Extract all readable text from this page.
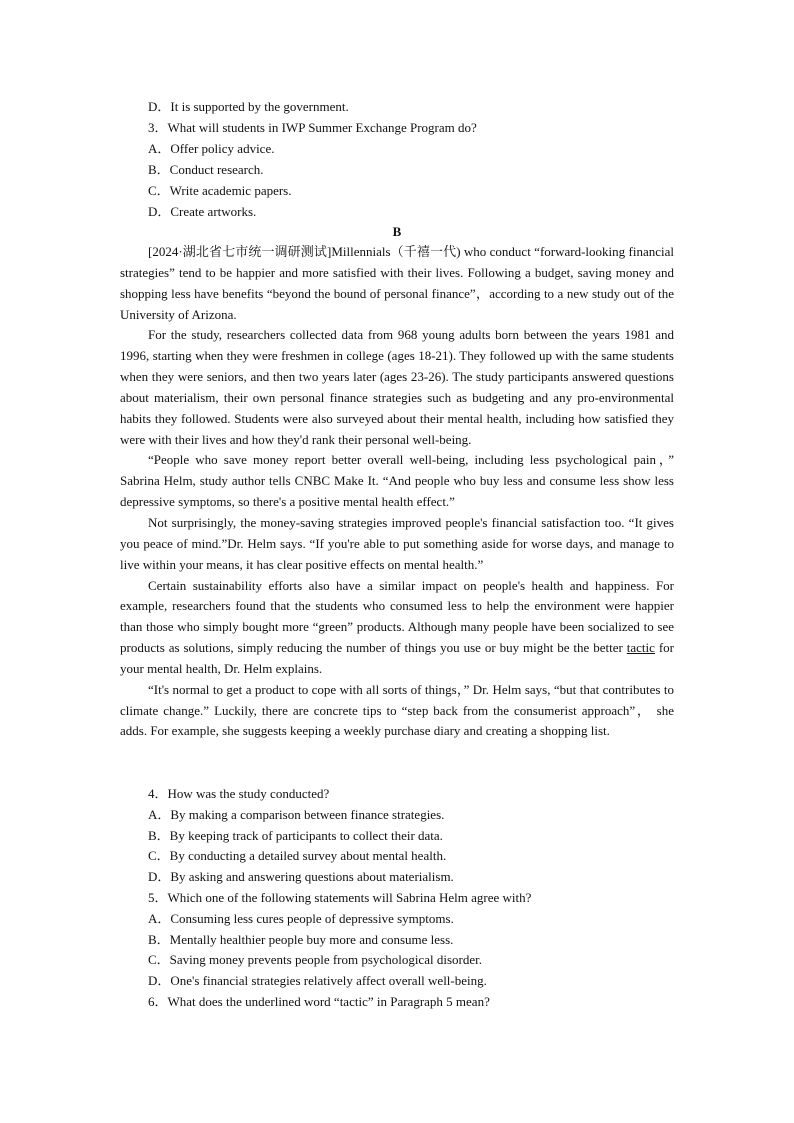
D．It is supported by the government.
3．What will students in IWP Summer Exchange Program do?
A．Offer policy advice.
B．Conduct research.
C．Write academic papers.
D．Create artworks.
B

[2024·湖北省七市统一调研测试]Millennials（千禧一代) who conduct “forward-looking financial strategies” tend to be happier and more satisfied with their lives. Following a budget, saving money and shopping less have benefits “beyond the bound of personal finance”，according to a new study out of the University of Arizona.

For the study, researchers collected data from 968 young adults born between the years 1981 and 1996, starting when they were freshmen in college (ages 18-21). They followed up with the same students when they were seniors, and then two years later (ages 23-26). The study participants answered questions about materialism, their own personal finance strategies such as budgeting and any pro-environmental habits they followed. Students were also surveyed about their mental health, including how satisfied they were with their lives and how they'd rank their personal well-being.

“People who save money report better overall well-being, including less psychological pain，” Sabrina Helm, study author tells CNBC Make It. “And people who buy less and consume less show less depressive symptoms, so there's a positive mental health effect.”

Not surprisingly, the money-saving strategies improved people's financial satisfaction too. “It gives you peace of mind.”Dr. Helm says. “If you're able to put something aside for worse days, and manage to live within your means, it has clear positive effects on mental health.”

Certain sustainability efforts also have a similar impact on people's health and happiness. For example, researchers found that the students who consumed less to help the environment were happier than those who simply bought more “green” products. Although many people have been socialized to see products as solutions, simply reducing the number of things you use or buy might be the better tactic for your mental health, Dr. Helm explains.

“It's normal to get a product to cope with all sorts of things，” Dr. Helm says, “but that contributes to climate change.” Luckily, there are concrete tips to “step back from the consumerist approach”， she adds. For example, she suggests keeping a weekly purchase diary and creating a shopping list.

4．How was the study conducted?
A．By making a comparison between finance strategies.
B．By keeping track of participants to collect their data.
C．By conducting a detailed survey about mental health.
D．By asking and answering questions about materialism.
5．Which one of the following statements will Sabrina Helm agree with?
A．Consuming less cures people of depressive symptoms.
B．Mentally healthier people buy more and consume less.
C．Saving money prevents people from psychological disorder.
D．One's financial strategies relatively affect overall well-being.
6．What does the underlined word “tactic” in Paragraph 5 mean?
